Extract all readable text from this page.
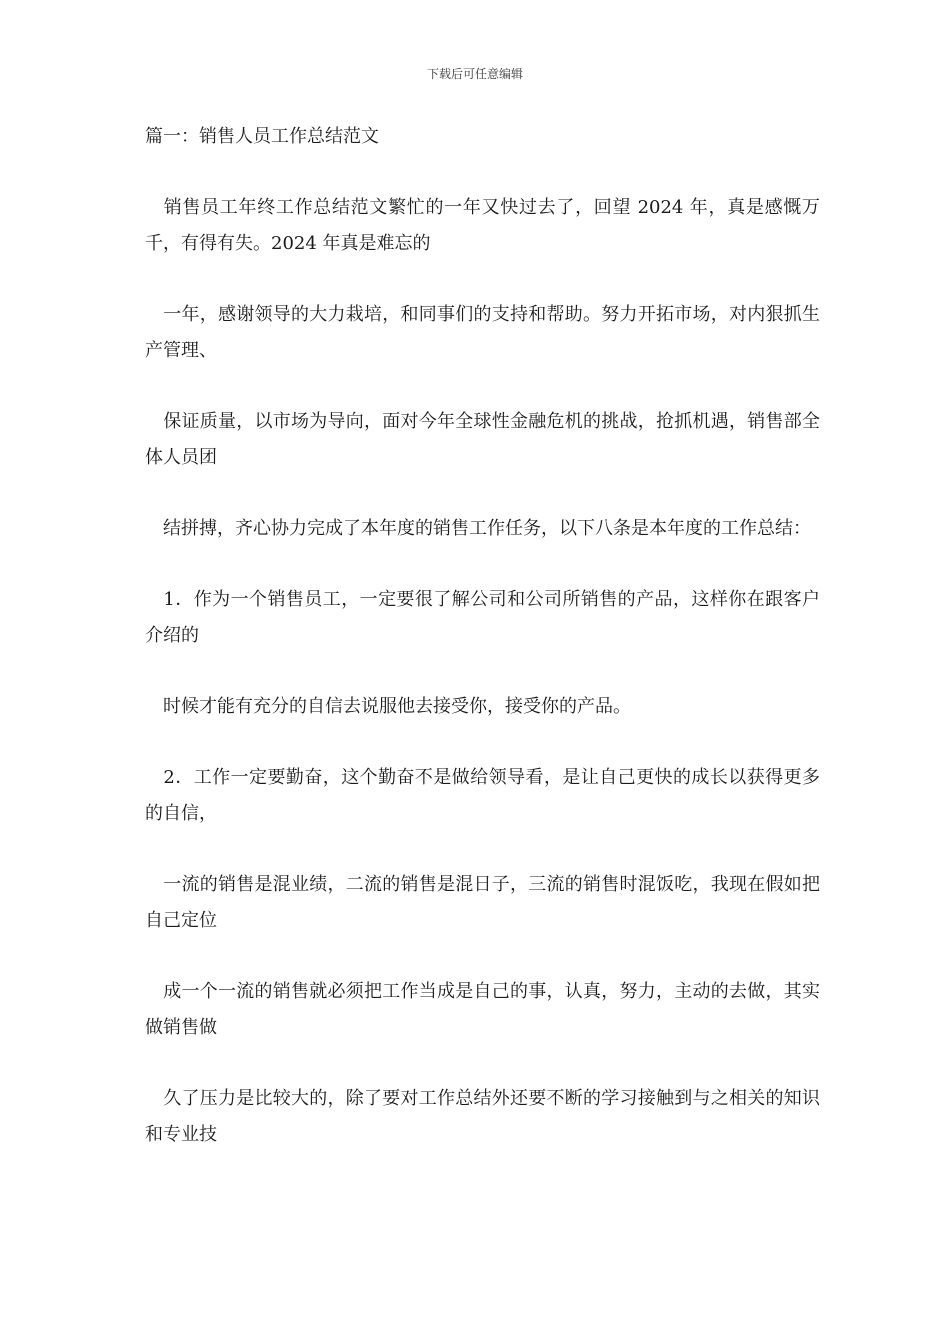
下载后可任意编辑
篇一：销售人员工作总结范文
　销售员工年终工作总结范文繁忙的一年又快过去了，回望 2024 年，真是感慨万千，有得有失。2024 年真是难忘的
　一年，感谢领导的大力栽培，和同事们的支持和帮助。努力开拓市场，对内狠抓生产管理、
　保证质量，以市场为导向，面对今年全球性金融危机的挑战，抢抓机遇，销售部全体人员团
　结拼搏，齐心协力完成了本年度的销售工作任务，以下八条是本年度的工作总结：
　1．作为一个销售员工，一定要很了解公司和公司所销售的产品，这样你在跟客户介绍的
　时候才能有充分的自信去说服他去接受你，接受你的产品。
　2．工作一定要勤奋，这个勤奋不是做给领导看，是让自己更快的成长以获得更多的自信，
　一流的销售是混业绩，二流的销售是混日子，三流的销售时混饭吃，我现在假如把自己定位
　成一个一流的销售就必须把工作当成是自己的事，认真，努力，主动的去做，其实做销售做
　久了压力是比较大的，除了要对工作总结外还要不断的学习接触到与之相关的知识和专业技
